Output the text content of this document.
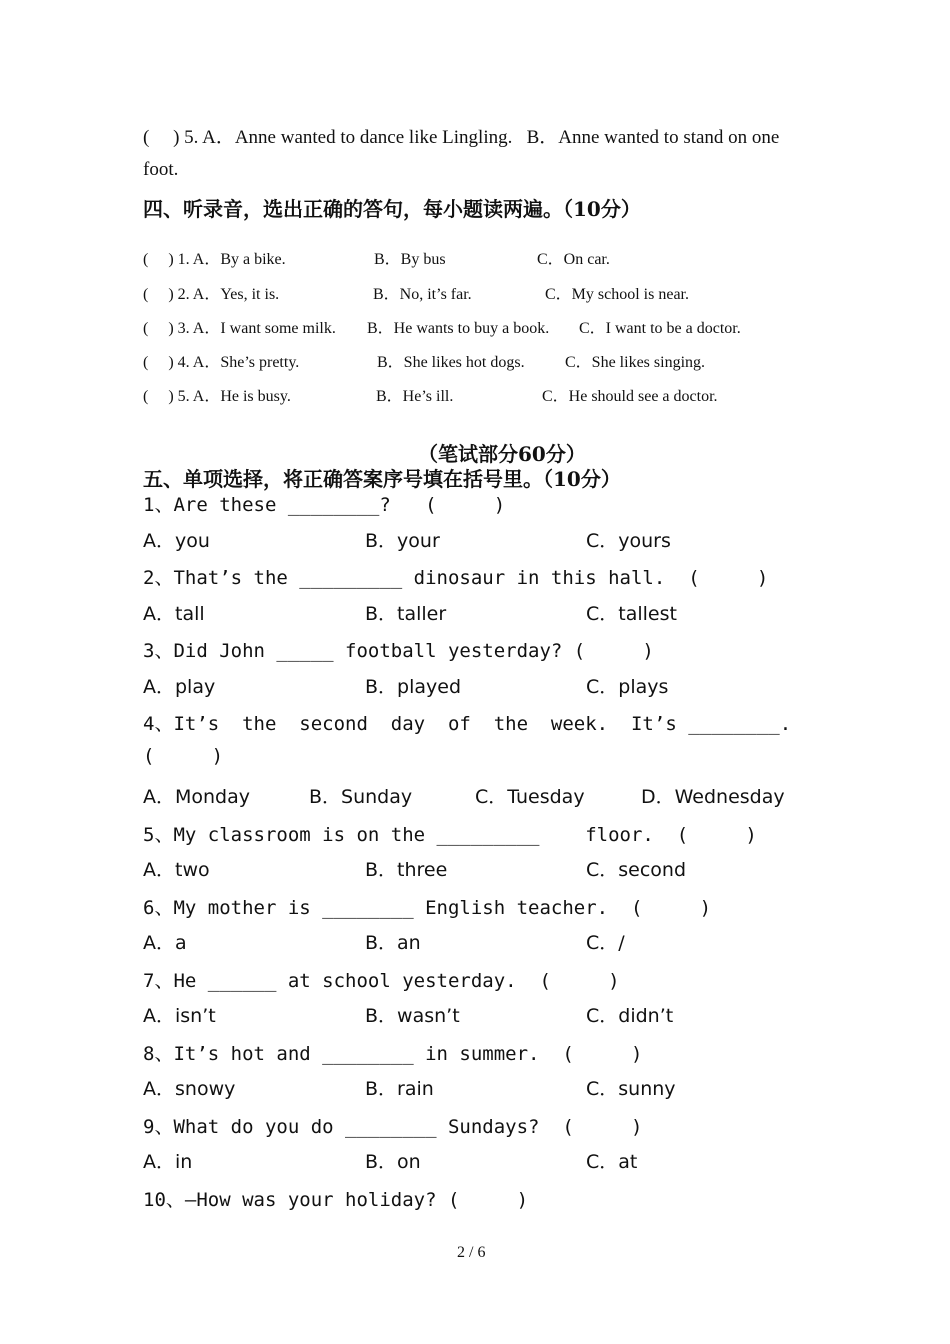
(     ) 5. A．Anne wanted to dance like Lingling.   B．Anne wanted to stand on one
foot.
四、听录音，选出正确的答句，每小题读两遍。（10分）
(     ) 1. A．By a bike.	B．By bus	C．On car.
(     ) 2. A．Yes, it is.	B．No, it’s far.	C．My school is near.
(     ) 3. A．I want some milk. B．He wants to buy a book. C．I want to be a doctor.
(     ) 4. A．She’s pretty.	B．She likes hot dogs.	C．She likes singing.
(     ) 5. A．He is busy.	B．He’s ill.	C．He should see a doctor.
（笔试部分60分）
五、单项选择，将正确答案序号填在括号里。（10分）
1、Are these ________?   (     )
A．you	B．your	C．yours
2、That’s the _________ dinosaur in this hall.  (     )
A．tall	B．taller	C．tallest
3、Did John _____ football yesterday? (     )
A．play	B．played	C．plays
4、It’s  the  second  day  of  the  week.  It’s ________.
(     )
A．Monday	B．Sunday	C．Tuesday	D．Wednesday
5、My classroom is on the _________    floor.  (     )
A．two	B．three	C．second
6、My mother is ________ English teacher.  (     )
A．a	B．an	C．/
7、He ______ at school yesterday.  (     )
A．isn’t	B．wasn’t	C．didn’t
8、It’s hot and ________ in summer.  (     )
A．snowy	B．rain	C．sunny
9、What do you do ________ Sundays?  (     )
A．in	B．on	C．at
10、—How was your holiday? (     )
2 / 6
